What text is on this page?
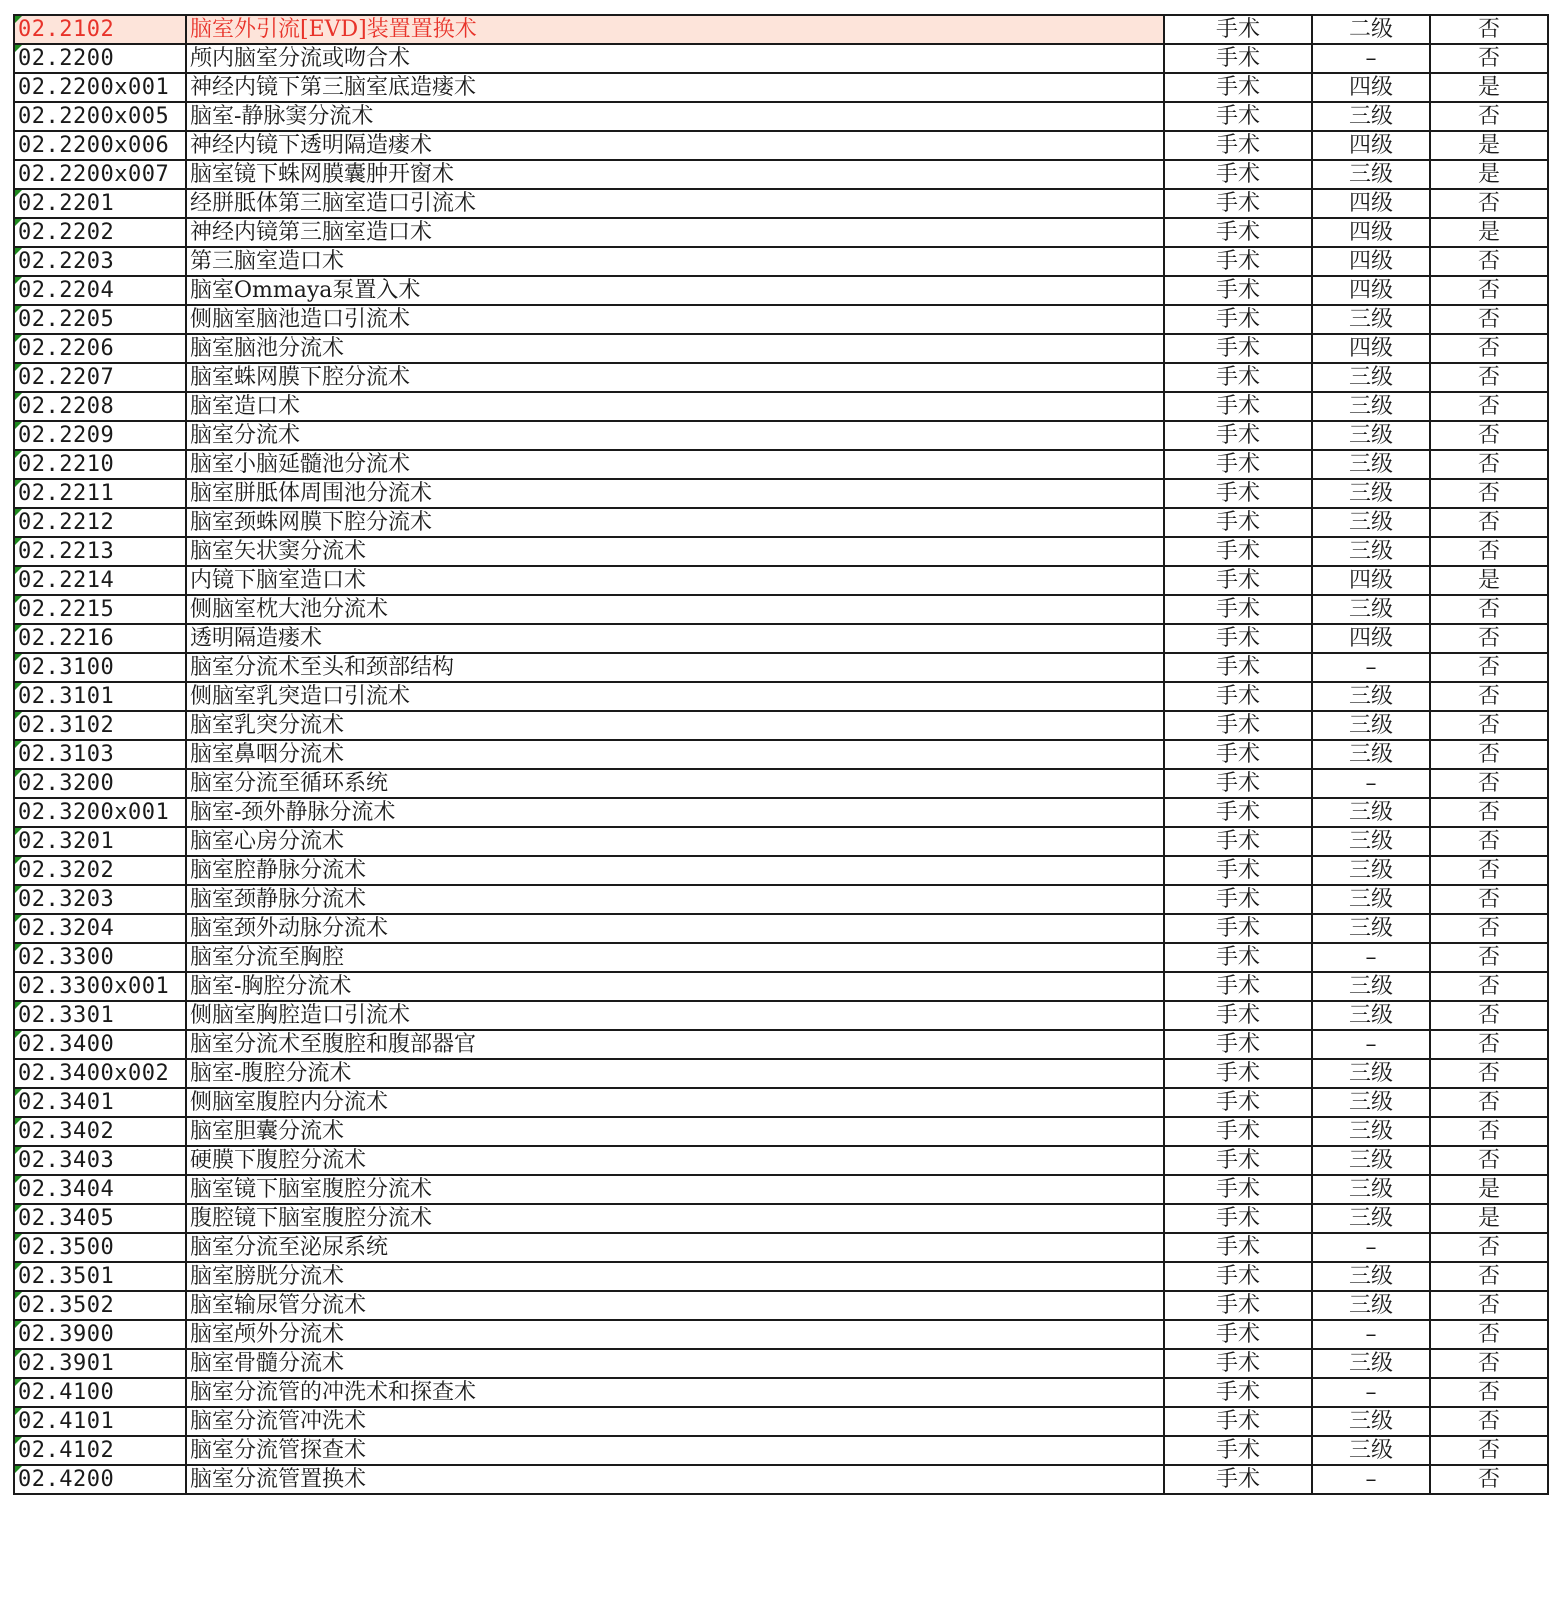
02.2102	脑室外引流[EVD]装置置换术	手术	二级	否

02.2200	颅内脑室分流或吻合术	手术	–	否
02.2200x001	神经内镜下第三脑室底造瘘术	手术	四级	是
02.2200x005	脑室-静脉窦分流术	手术	三级	否
02.2200x006	神经内镜下透明隔造瘘术	手术	四级	是
02.2200x007	脑室镜下蛛网膜囊肿开窗术	手术	三级	是

02.2201	经胼胝体第三脑室造口引流术	手术	四级	否

02.2202	神经内镜第三脑室造口术	手术	四级	是

02.2203	第三脑室造口术	手术	四级	否

02.2204	脑室Ommaya泵置入术	手术	四级	否

02.2205	侧脑室脑池造口引流术	手术	三级	否

02.2206	脑室脑池分流术	手术	四级	否

02.2207	脑室蛛网膜下腔分流术	手术	三级	否

02.2208	脑室造口术	手术	三级	否

02.2209	脑室分流术	手术	三级	否

02.2210	脑室小脑延髓池分流术	手术	三级	否

02.2211	脑室胼胝体周围池分流术	手术	三级	否

02.2212	脑室颈蛛网膜下腔分流术	手术	三级	否

02.2213	脑室矢状窦分流术	手术	三级	否

02.2214	内镜下脑室造口术	手术	四级	是

02.2215	侧脑室枕大池分流术	手术	三级	否

02.2216	透明隔造瘘术	手术	四级	否

02.3100	脑室分流术至头和颈部结构	手术	–	否

02.3101	侧脑室乳突造口引流术	手术	三级	否

02.3102	脑室乳突分流术	手术	三级	否

02.3103	脑室鼻咽分流术	手术	三级	否

02.3200	脑室分流至循环系统	手术	–	否
02.3200x001	脑室-颈外静脉分流术	手术	三级	否

02.3201	脑室心房分流术	手术	三级	否

02.3202	脑室腔静脉分流术	手术	三级	否

02.3203	脑室颈静脉分流术	手术	三级	否

02.3204	脑室颈外动脉分流术	手术	三级	否

02.3300	脑室分流至胸腔	手术	–	否
02.3300x001	脑室-胸腔分流术	手术	三级	否

02.3301	侧脑室胸腔造口引流术	手术	三级	否

02.3400	脑室分流术至腹腔和腹部器官	手术	–	否
02.3400x002	脑室-腹腔分流术	手术	三级	否

02.3401	侧脑室腹腔内分流术	手术	三级	否

02.3402	脑室胆囊分流术	手术	三级	否

02.3403	硬膜下腹腔分流术	手术	三级	否

02.3404	脑室镜下脑室腹腔分流术	手术	三级	是

02.3405	腹腔镜下脑室腹腔分流术	手术	三级	是

02.3500	脑室分流至泌尿系统	手术	–	否

02.3501	脑室膀胱分流术	手术	三级	否

02.3502	脑室输尿管分流术	手术	三级	否

02.3900	脑室颅外分流术	手术	–	否

02.3901	脑室骨髓分流术	手术	三级	否

02.4100	脑室分流管的冲洗术和探查术	手术	–	否

02.4101	脑室分流管冲洗术	手术	三级	否

02.4102	脑室分流管探查术	手术	三级	否

02.4200	脑室分流管置换术	手术	–	否
